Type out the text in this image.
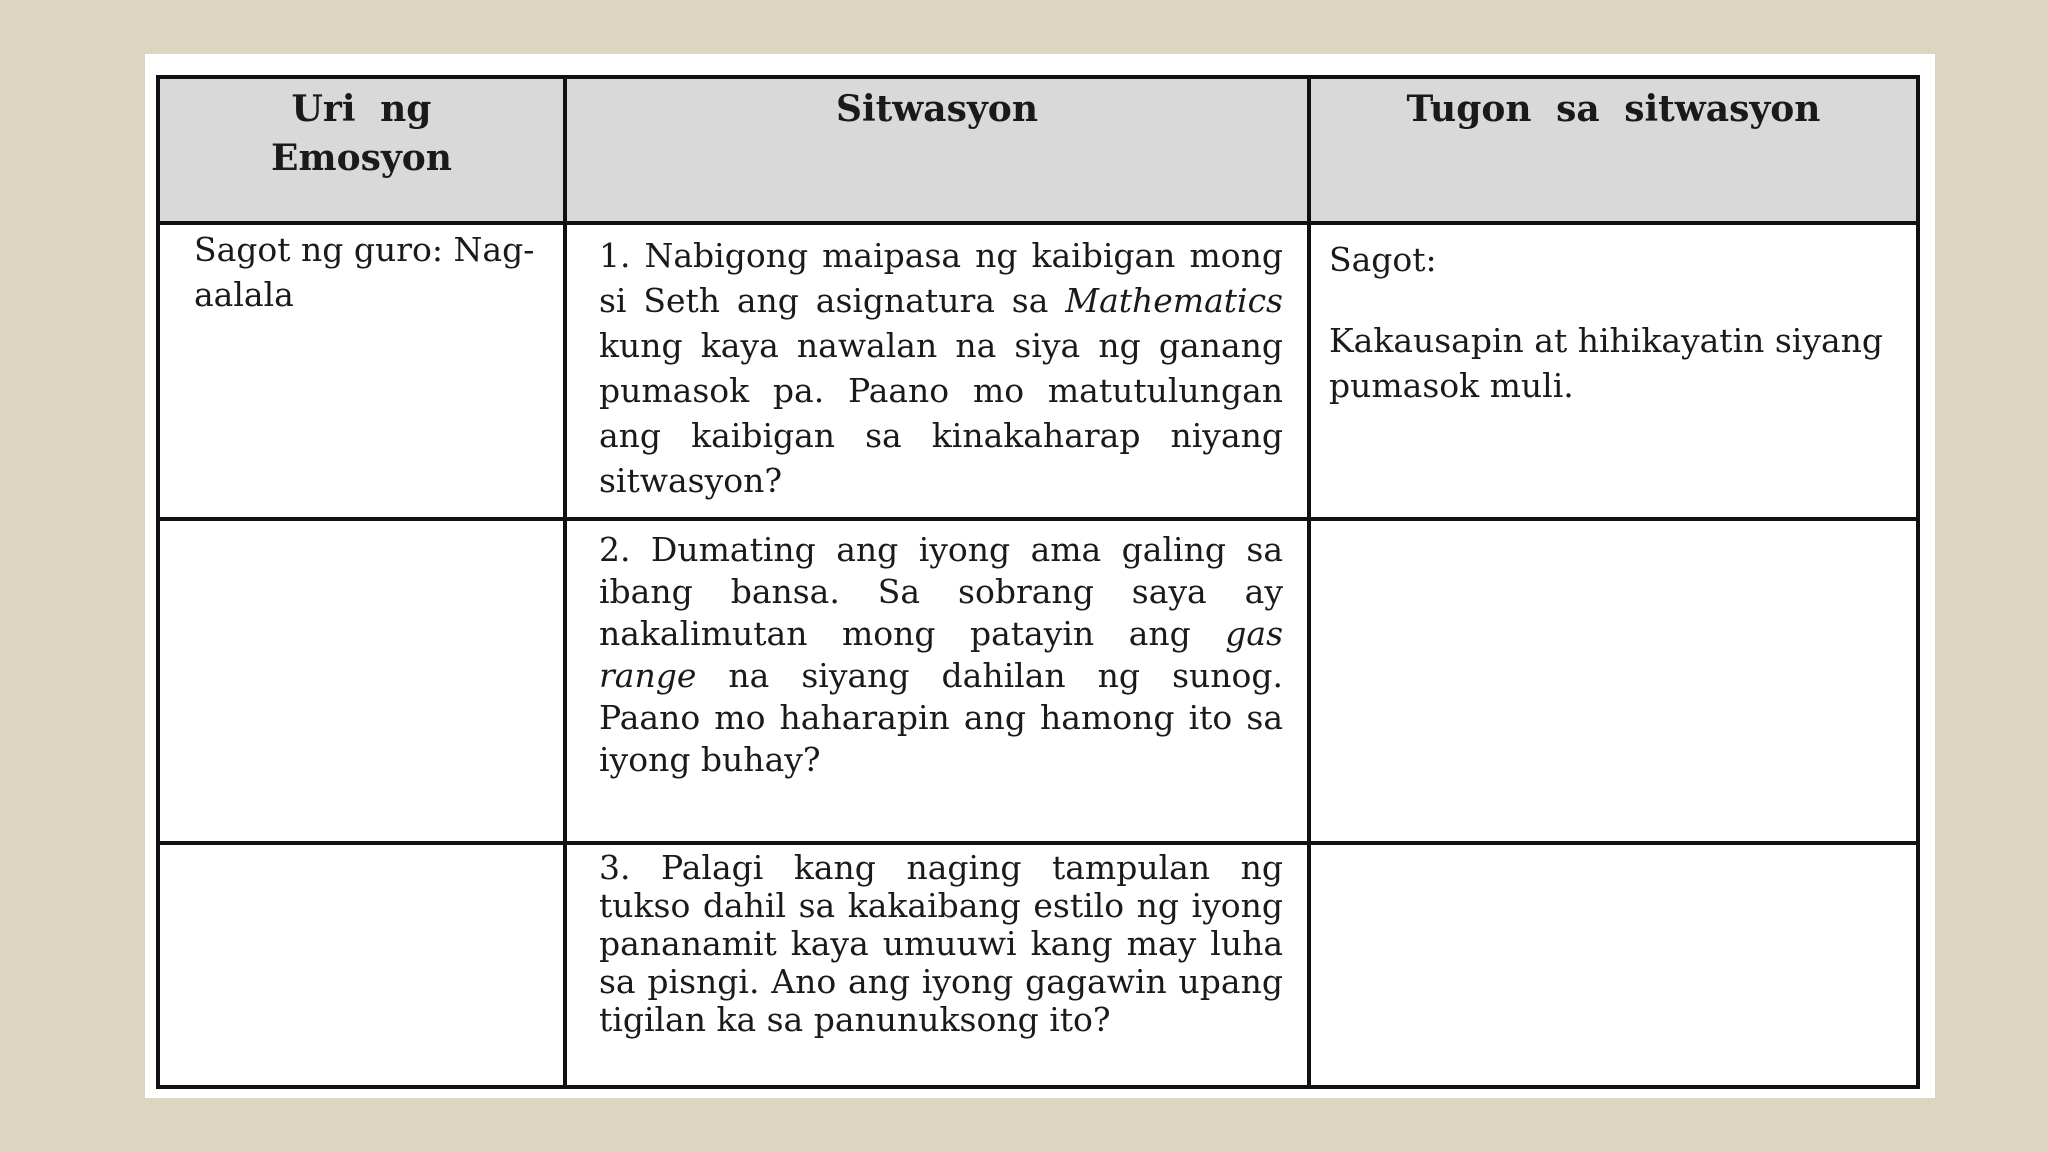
Uri ng Emosyon	Sitwasyon	Tugon sa sitwasyon

Sagot ng guro: Nag-aalala	1. Nabigong maipasa ng kaibigan mong si Seth ang asignatura sa Mathematics kung kaya nawalan na siya ng ganang pumasok pa. Paano mo matutulungan ang kaibigan sa kinakaharap niyang sitwasyon?	Sagot:
Kakausapin at hihikayatin siyang pumasok muli.
	2. Dumating ang iyong ama galing sa ibang bansa. Sa sobrang saya ay nakalimutan mong patayin ang gas range na siyang dahilan ng sunog. Paano mo haharapin ang hamong ito sa iyong buhay?	
	3. Palagi kang naging tampulan ng tukso dahil sa kakaibang estilo ng iyong pananamit kaya umuuwi kang may luha sa pisngi. Ano ang iyong gagawin upang tigilan ka sa panunuksong ito?	
